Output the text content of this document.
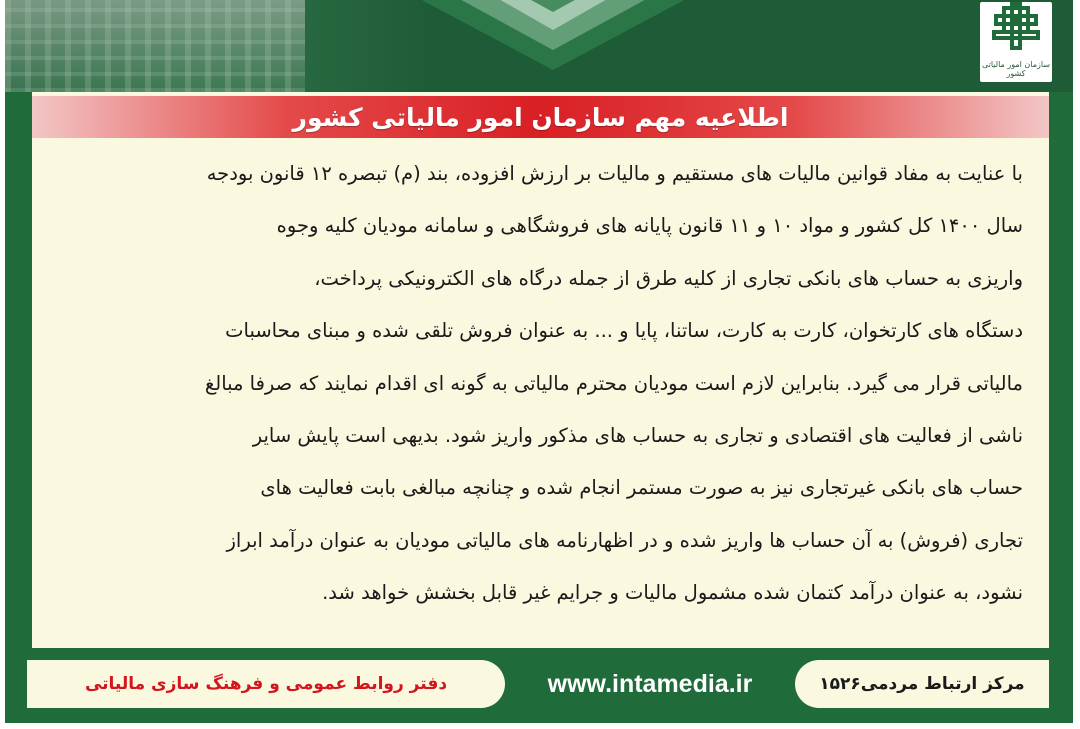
سازمان امور مالیاتی کشور
اطلاعیه مهم سازمان امور مالیاتی کشور
با عنایت به مفاد قوانین مالیات های مستقیم و مالیات بر ارزش افزوده، بند (م) تبصره ۱۲ قانون بودجه
سال ۱۴۰۰ کل کشور و مواد ۱۰ و ۱۱ قانون پایانه های فروشگاهی و سامانه مودیان کلیه وجوه
واریزی به حساب های بانکی تجاری از کلیه طرق از جمله درگاه های الکترونیکی پرداخت،
دستگاه های کارتخوان، کارت به کارت، ساتنا، پایا و ... به عنوان فروش تلقی شده و مبنای محاسبات
مالیاتی قرار می گیرد. بنابراین لازم است مودیان محترم مالیاتی به گونه ای اقدام نمایند که صرفا مبالغ
ناشی از فعالیت های اقتصادی و تجاری به حساب های مذکور واریز شود. بدیهی است پایش سایر
حساب های بانکی غیرتجاری نیز به صورت مستمر انجام شده و چنانچه مبالغی بابت فعالیت های
تجاری (فروش) به آن حساب ها واریز شده و در اظهارنامه های مالیاتی مودیان به عنوان درآمد ابراز
نشود، به عنوان درآمد کتمان شده مشمول مالیات و جرایم غیر قابل بخشش خواهد شد.
دفتر روابط عمومی و فرهنگ سازی مالیاتی	www.intamedia.ir	مرکز ارتباط مردمی۱۵۲۶
